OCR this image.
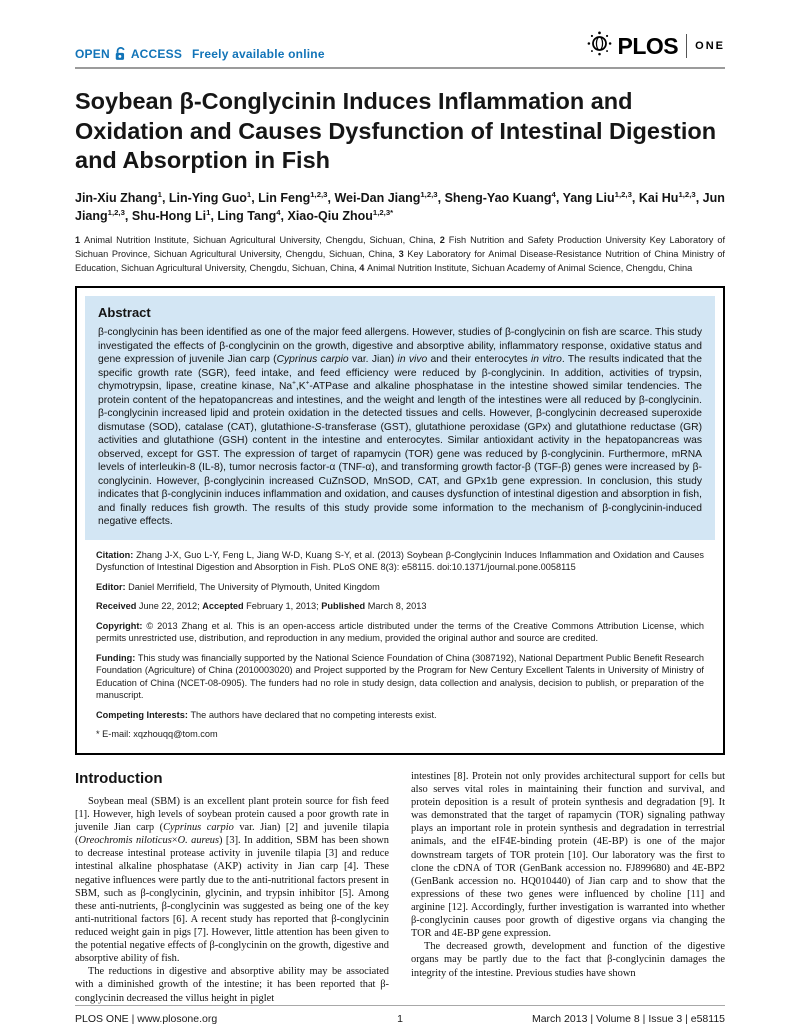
OPEN ACCESS Freely available online	PLOS ONE
Soybean β-Conglycinin Induces Inflammation and Oxidation and Causes Dysfunction of Intestinal Digestion and Absorption in Fish

Jin-Xiu Zhang$^1$, Lin-Ying Guo$^1$, Lin Feng$^{1,2,3}$, Wei-Dan Jiang$^{1,2,3}$, Sheng-Yao Kuang$^4$, Yang Liu$^{1,2,3}$, Kai Hu$^{1,2,3}$, Jun Jiang$^{1,2,3}$, Shu-Hong Li$^1$, Ling Tang$^4$, Xiao-Qiu Zhou$^{1,2,3*}$

1 Animal Nutrition Institute, Sichuan Agricultural University, Chengdu, Sichuan, China, 2 Fish Nutrition and Safety Production University Key Laboratory of Sichuan Province, Sichuan Agricultural University, Chengdu, Sichuan, China, 3 Key Laboratory for Animal Disease-Resistance Nutrition of China Ministry of Education, Sichuan Agricultural University, Chengdu, Sichuan, China, 4 Animal Nutrition Institute, Sichuan Academy of Animal Science, Chengdu, China

Abstract

β-conglycinin has been identified as one of the major feed allergens. However, studies of β-conglycinin on fish are scarce. This study investigated the effects of β-conglycinin on the growth, digestive and absorptive ability, inflammatory response, oxidative status and gene expression of juvenile Jian carp (Cyprinus carpio var. Jian) in vivo and their enterocytes in vitro. The results indicated that the specific growth rate (SGR), feed intake, and feed efficiency were reduced by β-conglycinin. In addition, activities of trypsin, chymotrypsin, lipase, creatine kinase, Na+,K+-ATPase and alkaline phosphatase in the intestine showed similar tendencies. The protein content of the hepatopancreas and intestines, and the weight and length of the intestines were all reduced by β-conglycinin. β-conglycinin increased lipid and protein oxidation in the detected tissues and cells. However, β-conglycinin decreased superoxide dismutase (SOD), catalase (CAT), glutathione-S-transferase (GST), glutathione peroxidase (GPx) and glutathione reductase (GR) activities and glutathione (GSH) content in the intestine and enterocytes. Similar antioxidant activity in the hepatopancreas was observed, except for GST. The expression of target of rapamycin (TOR) gene was reduced by β-conglycinin. Furthermore, mRNA levels of interleukin-8 (IL-8), tumor necrosis factor-α (TNF-α), and transforming growth factor-β (TGF-β) genes were increased by β-conglycinin. However, β-conglycinin increased CuZnSOD, MnSOD, CAT, and GPx1b gene expression. In conclusion, this study indicates that β-conglycinin induces inflammation and oxidation, and causes dysfunction of intestinal digestion and absorption in fish, and finally reduces fish growth. The results of this study provide some information to the mechanism of β-conglycinin-induced negative effects.

Citation: Zhang J-X, Guo L-Y, Feng L, Jiang W-D, Kuang S-Y, et al. (2013) Soybean β-Conglycinin Induces Inflammation and Oxidation and Causes Dysfunction of Intestinal Digestion and Absorption in Fish. PLoS ONE 8(3): e58115. doi:10.1371/journal.pone.0058115

Editor: Daniel Merrifield, The University of Plymouth, United Kingdom

Received June 22, 2012; Accepted February 1, 2013; Published March 8, 2013

Copyright: © 2013 Zhang et al. This is an open-access article distributed under the terms of the Creative Commons Attribution License, which permits unrestricted use, distribution, and reproduction in any medium, provided the original author and source are credited.

Funding: This study was financially supported by the National Science Foundation of China (3087192), National Department Public Benefit Research Foundation (Agriculture) of China (2010003020) and Project supported by the Program for New Century Excellent Talents in University of Ministry of Education of China (NCET-08-0905). The funders had no role in study design, data collection and analysis, decision to publish, or preparation of the manuscript.

Competing Interests: The authors have declared that no competing interests exist.

* E-mail: xqzhouqq@tom.com

Introduction

Soybean meal (SBM) is an excellent plant protein source for fish feed [1]. However, high levels of soybean protein caused a poor growth rate in juvenile Jian carp (Cyprinus carpio var. Jian) [2] and juvenile tilapia (Oreochromis niloticus×O. aureus) [3]. In addition, SBM has been shown to decrease intestinal protease activity in juvenile tilapia [3] and reduce intestinal alkaline phosphatase (AKP) activity in Jian carp [4]. These negative influences were partly due to the anti-nutritional factors present in SBM, such as β-conglycinin, glycinin, and trypsin inhibitor [5]. Among these anti-nutrients, β-conglycinin was suggested as being one of the key anti-nutritional factors [6]. A recent study has reported that β-conglycinin reduced weight gain in pigs [7]. However, little attention has been given to the potential negative effects of β-conglycinin on the growth, digestive and absorptive ability of fish.

The reductions in digestive and absorptive ability may be associated with a diminished growth of the intestine; it has been reported that β-conglycinin decreased the villus height in piglet

intestines [8]. Protein not only provides architectural support for cells but also serves vital roles in maintaining their function and survival, and protein deposition is a result of protein synthesis and degradation [9]. It was demonstrated that the target of rapamycin (TOR) signaling pathway plays an important role in protein synthesis and degradation in terrestrial animals, and the eIF4E-binding protein (4E-BP) is one of the major downstream targets of TOR protein [10]. Our laboratory was the first to clone the cDNA of TOR (GenBank accession no. FJ899680) and 4E-BP2 (GenBank accession no. HQ010440) of Jian carp and to show that the expressions of these two genes were influenced by choline [11] and arginine [12]. Accordingly, further investigation is warranted into whether β-conglycinin causes poor growth of digestive organs via changing the TOR and 4E-BP gene expression.

The decreased growth, development and function of the digestive organs may be partly due to the fact that β-conglycinin damages the integrity of the intestine. Previous studies have shown

PLOS ONE | www.plosone.org	1	March 2013 | Volume 8 | Issue 3 | e58115
